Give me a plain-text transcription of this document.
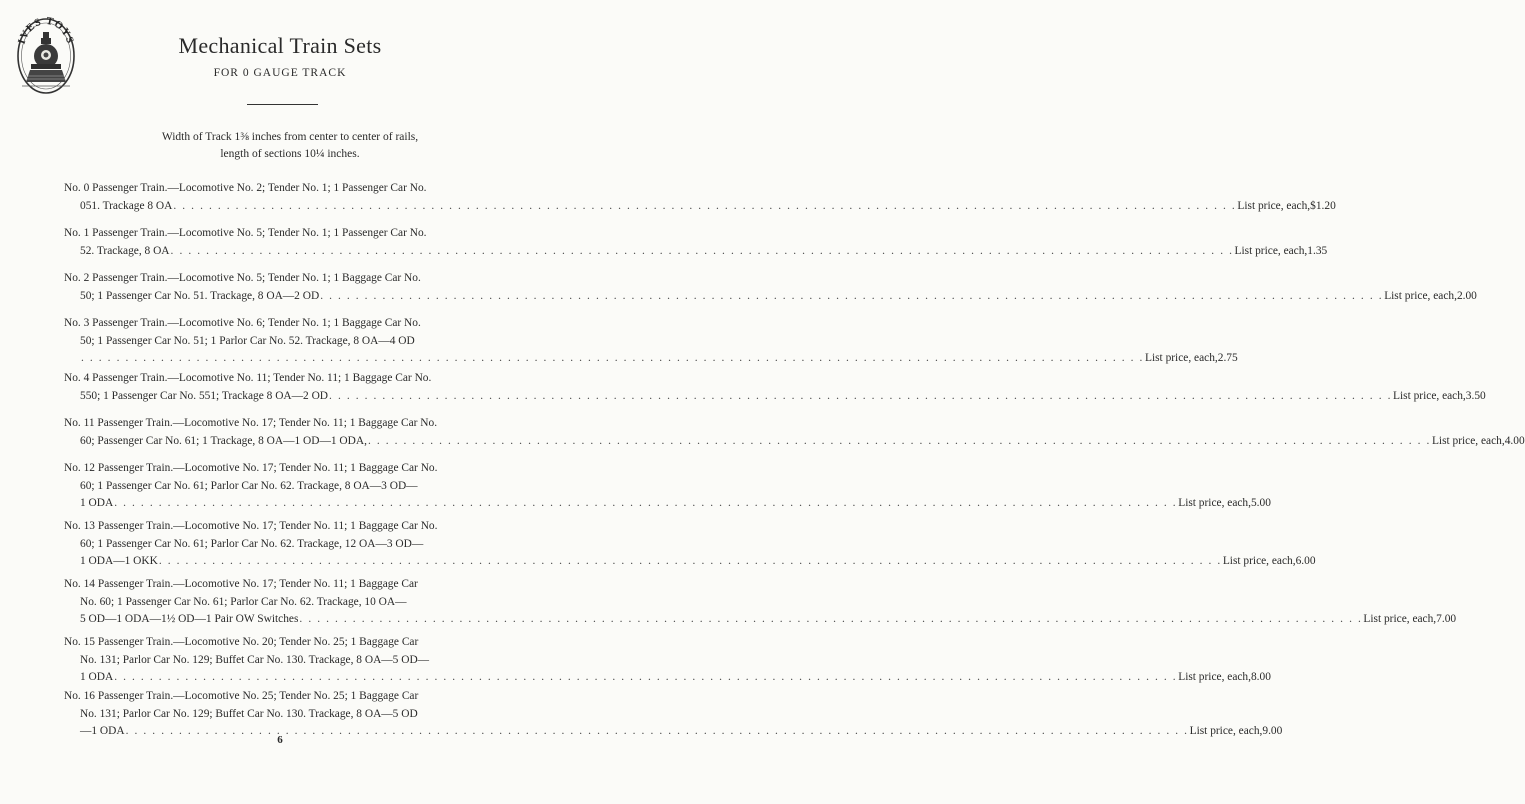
IVES TOYS	Mechanical Train Sets
FOR 0 GAUGE TRACK
Width of Track 1⅜ inches from center to center of rails,
length of sections 10¼ inches.
No. 0 Passenger Train.—Locomotive No. 2; Tender No. 1; 1 Passenger Car No.
051. Trackage 8 OA . . . . . . . . . . . . . . . . . . . . . . . . . . . . . . . . . . . . . . . . . . . . . . . . . . . . . . . . . . . . . . . . . . . . . . . . . . . . . . . . . . . . . . . . . . . . . . . . . . . . . . . . . . . . . . . . . . . . . . . . List price, each, $1.20
No. 1 Passenger Train.—Locomotive No. 5; Tender No. 1; 1 Passenger Car No.
52. Trackage, 8 OA . . . . . . . . . . . . . . . . . . . . . . . . . . . . . . . . . . . . . . . . . . . . . . . . . . . . . . . . . . . . . . . . . . . . . . . . . . . . . . . . . . . . . . . . . . . . . . . . . . . . . . . . . . . . . . . . . . . . . . . . List price, each, 1.35
No. 2 Passenger Train.—Locomotive No. 5; Tender No. 1; 1 Baggage Car No.
50; 1 Passenger Car No. 51. Trackage, 8 OA—2 OD . . . . . . . . . . . . . . . . . . . . . . . . . . . . . . . . . . . . . . . . . . . . . . . . . . . . . . . . . . . . . . . . . . . . . . . . . . . . . . . . . . . . . . . . . . . . . . . . . . . . . . . . . . . . . . . . . . . . . . . . List price, each, 2.00
No. 3 Passenger Train.—Locomotive No. 6; Tender No. 1; 1 Baggage Car No.
50; 1 Passenger Car No. 51; 1 Parlor Car No. 52. Trackage, 8 OA—4 OD
. . . . . . . . . . . . . . . . . . . . . . . . . . . . . . . . . . . . . . . . . . . . . . . . . . . . . . . . . . . . . . . . . . . . . . . . . . . . . . . . . . . . . . . . . . . . . . . . . . . . . . . . . . . . . . . . . . . . . . . . List price, each, 2.75
No. 4 Passenger Train.—Locomotive No. 11; Tender No. 11; 1 Baggage Car No.
550; 1 Passenger Car No. 551; Trackage 8 OA—2 OD . . . . . . . . . . . . . . . . . . . . . . . . . . . . . . . . . . . . . . . . . . . . . . . . . . . . . . . . . . . . . . . . . . . . . . . . . . . . . . . . . . . . . . . . . . . . . . . . . . . . . . . . . . . . . . . . . . . . . . . . List price, each, 3.50
No. 11 Passenger Train.—Locomotive No. 17; Tender No. 11; 1 Baggage Car No.
60; Passenger Car No. 61; 1 Trackage, 8 OA—1 OD—1 ODA, . . . . . . . . . . . . . . . . . . . . . . . . . . . . . . . . . . . . . . . . . . . . . . . . . . . . . . . . . . . . . . . . . . . . . . . . . . . . . . . . . . . . . . . . . . . . . . . . . . . . . . . . . . . . . . . . . . . . . . . . List price, each, 4.00
No. 12 Passenger Train.—Locomotive No. 17; Tender No. 11; 1 Baggage Car No.
60; 1 Passenger Car No. 61; Parlor Car No. 62. Trackage, 8 OA—3 OD—
1 ODA . . . . . . . . . . . . . . . . . . . . . . . . . . . . . . . . . . . . . . . . . . . . . . . . . . . . . . . . . . . . . . . . . . . . . . . . . . . . . . . . . . . . . . . . . . . . . . . . . . . . . . . . . . . . . . . . . . . . . . . . List price, each, 5.00
No. 13 Passenger Train.—Locomotive No. 17; Tender No. 11; 1 Baggage Car No.
60; 1 Passenger Car No. 61; Parlor Car No. 62. Trackage, 12 OA—3 OD—
1 ODA—1 OKK . . . . . . . . . . . . . . . . . . . . . . . . . . . . . . . . . . . . . . . . . . . . . . . . . . . . . . . . . . . . . . . . . . . . . . . . . . . . . . . . . . . . . . . . . . . . . . . . . . . . . . . . . . . . . . . . . . . . . . . . List price, each, 6.00
No. 14 Passenger Train.—Locomotive No. 17; Tender No. 11; 1 Baggage Car
No. 60; 1 Passenger Car No. 61; Parlor Car No. 62. Trackage, 10 OA—
5 OD—1 ODA—1½ OD—1 Pair OW Switches . . . . . . . . . . . . . . . . . . . . . . . . . . . . . . . . . . . . . . . . . . . . . . . . . . . . . . . . . . . . . . . . . . . . . . . . . . . . . . . . . . . . . . . . . . . . . . . . . . . . . . . . . . . . . . . . . . . . . . . . List price, each, 7.00
No. 15 Passenger Train.—Locomotive No. 20; Tender No. 25; 1 Baggage Car
No. 131; Parlor Car No. 129; Buffet Car No. 130. Trackage, 8 OA—5 OD—
1 ODA . . . . . . . . . . . . . . . . . . . . . . . . . . . . . . . . . . . . . . . . . . . . . . . . . . . . . . . . . . . . . . . . . . . . . . . . . . . . . . . . . . . . . . . . . . . . . . . . . . . . . . . . . . . . . . . . . . . . . . . . List price, each, 8.00
No. 16 Passenger Train.—Locomotive No. 25; Tender No. 25; 1 Baggage Car
No. 131; Parlor Car No. 129; Buffet Car No. 130. Trackage, 8 OA—5 OD
—1 ODA . . . . . . . . . . . . . . . . . . . . . . . . . . . . . . . . . . . . . . . . . . . . . . . . . . . . . . . . . . . . . . . . . . . . . . . . . . . . . . . . . . . . . . . . . . . . . . . . . . . . . . . . . . . . . . . . . . . . . . . . List price, each, 9.00
6
